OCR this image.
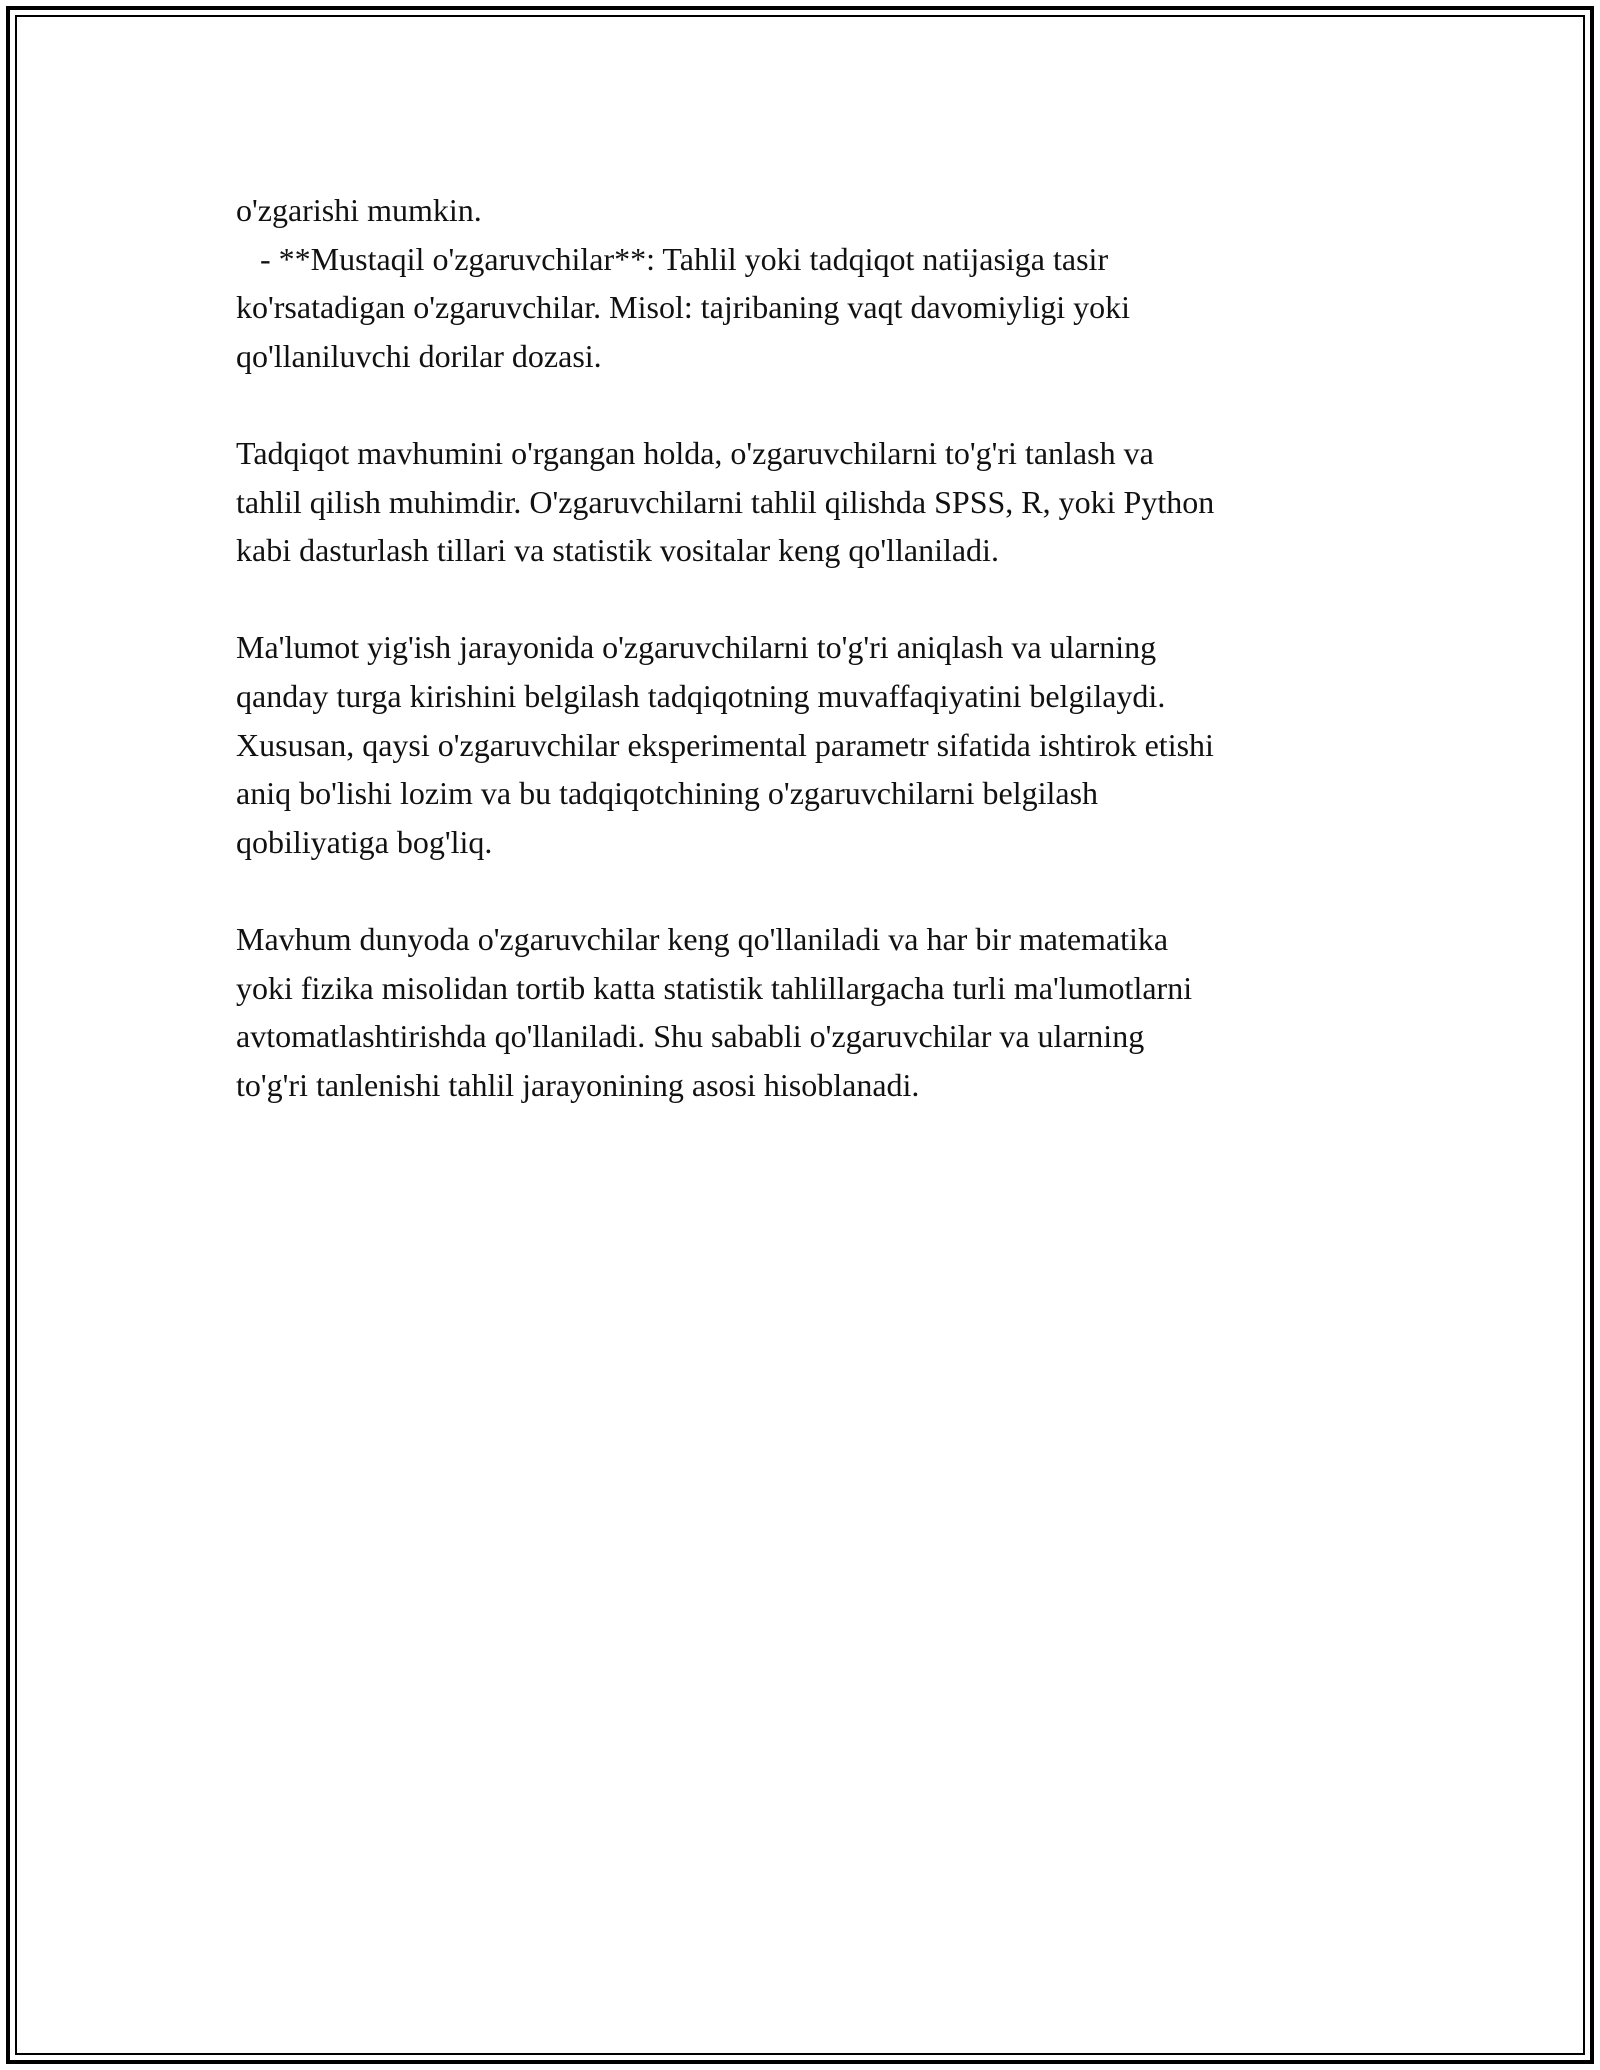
o'zgarishi mumkin.
- **Mustaqil o'zgaruvchilar**: Tahlil yoki tadqiqot natijasiga tasir
ko'rsatadigan o'zgaruvchilar. Misol: tajribaning vaqt davomiyligi yoki
qo'llaniluvchi dorilar dozasi.
Tadqiqot mavhumini o'rgangan holda, o'zgaruvchilarni to'g'ri tanlash va
tahlil qilish muhimdir. O'zgaruvchilarni tahlil qilishda SPSS, R, yoki Python
kabi dasturlash tillari va statistik vositalar keng qo'llaniladi.
Ma'lumot yig'ish jarayonida o'zgaruvchilarni to'g'ri aniqlash va ularning
qanday turga kirishini belgilash tadqiqotning muvaffaqiyatini belgilaydi.
Xususan, qaysi o'zgaruvchilar eksperimental parametr sifatida ishtirok etishi
aniq bo'lishi lozim va bu tadqiqotchining o'zgaruvchilarni belgilash
qobiliyatiga bog'liq.
Mavhum dunyoda o'zgaruvchilar keng qo'llaniladi va har bir matematika
yoki fizika misolidan tortib katta statistik tahlillargacha turli ma'lumotlarni
avtomatlashtirishda qo'llaniladi. Shu sababli o'zgaruvchilar va ularning
to'g'ri tanlenishi tahlil jarayonining asosi hisoblanadi.
